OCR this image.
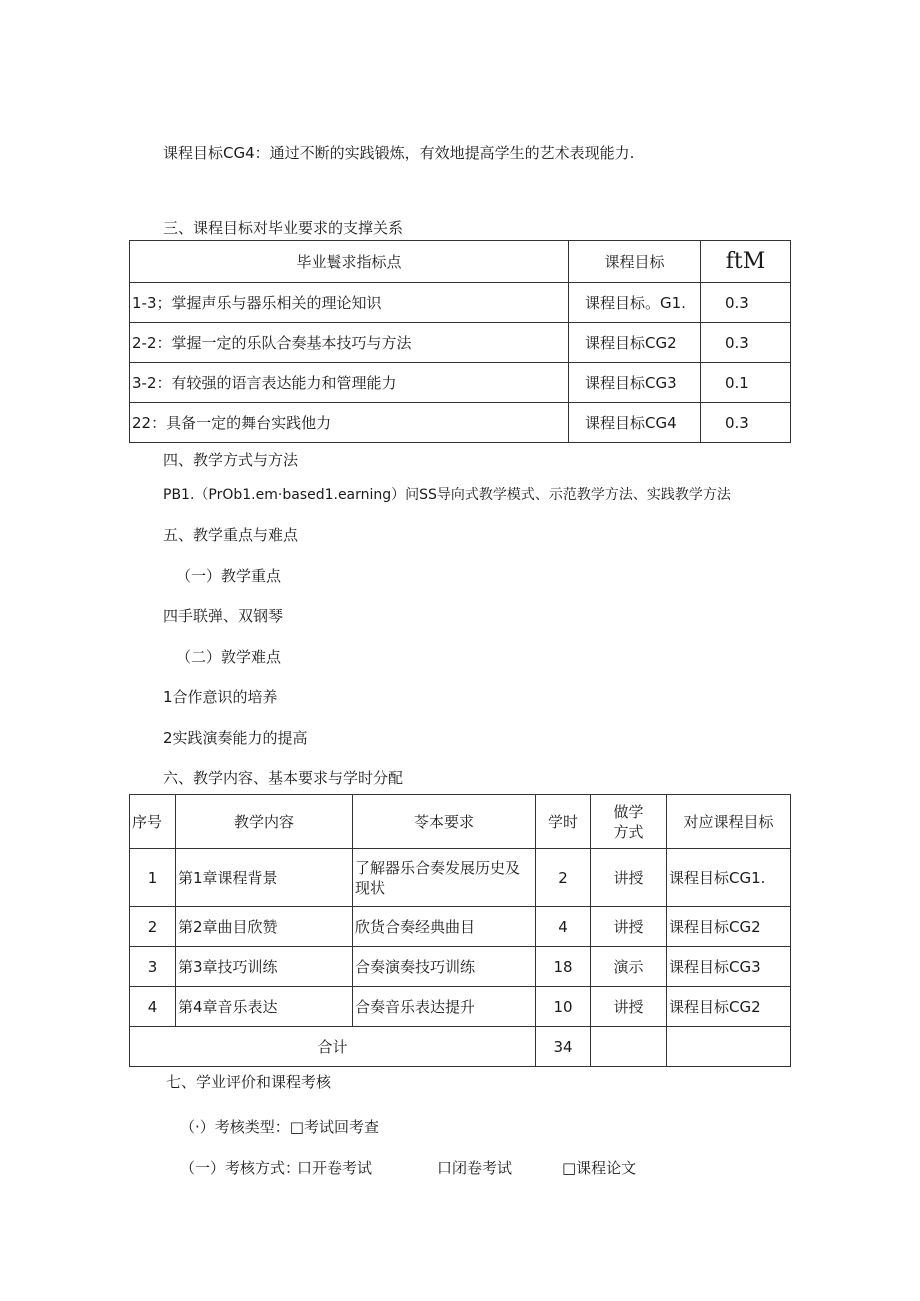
课程目标CG4：通过不断的实践锻炼，有效地提高学生的艺术表现能力.
三、课程目标对毕业要求的支撑关系
毕业鬟求指标点	课程目标	ftM
1-3；掌握声乐与器乐相关的理论知识	课程目标。G1.	0.3
2-2：掌握一定的乐队合奏基本技巧与方法	课程目标CG2	0.3
3-2：有较强的语言表达能力和管理能力	课程目标CG3	0.1
22：具备一定的舞台实践他力	课程目标CG4	0.3
四、教学方式与方法
PB1.（PrOb1.em·based1.earning）问SS导向式教学模式、示范教学方法、实践教学方法
五、教学重点与难点
（一）教学重点
四手联弹、双钢琴
（二）敦学难点
1合作意识的培养
2实践演奏能力的提高
六、教学内容、基本要求与学时分配
序号	教学内容	苓本要求	学时	做学方式	对应课程目标
1	第1章课程背景	了解器乐合奏发展历史及现状	2	讲授	课程目标CG1.
2	第2章曲目欣赞	欣货合奏经典曲目	4	讲授	课程目标CG2
3	第3章技巧训练	合奏演奏技巧训练	18	演示	课程目标CG3
4	第4章音乐表达	合奏音乐表达提升	10	讲授	课程目标CG2
合计			34		
七、学业评价和课程考核
（·）考核类型：□考试回考查
（一）考核方式：
口开卷考试	口闭卷考试	□课程论文
